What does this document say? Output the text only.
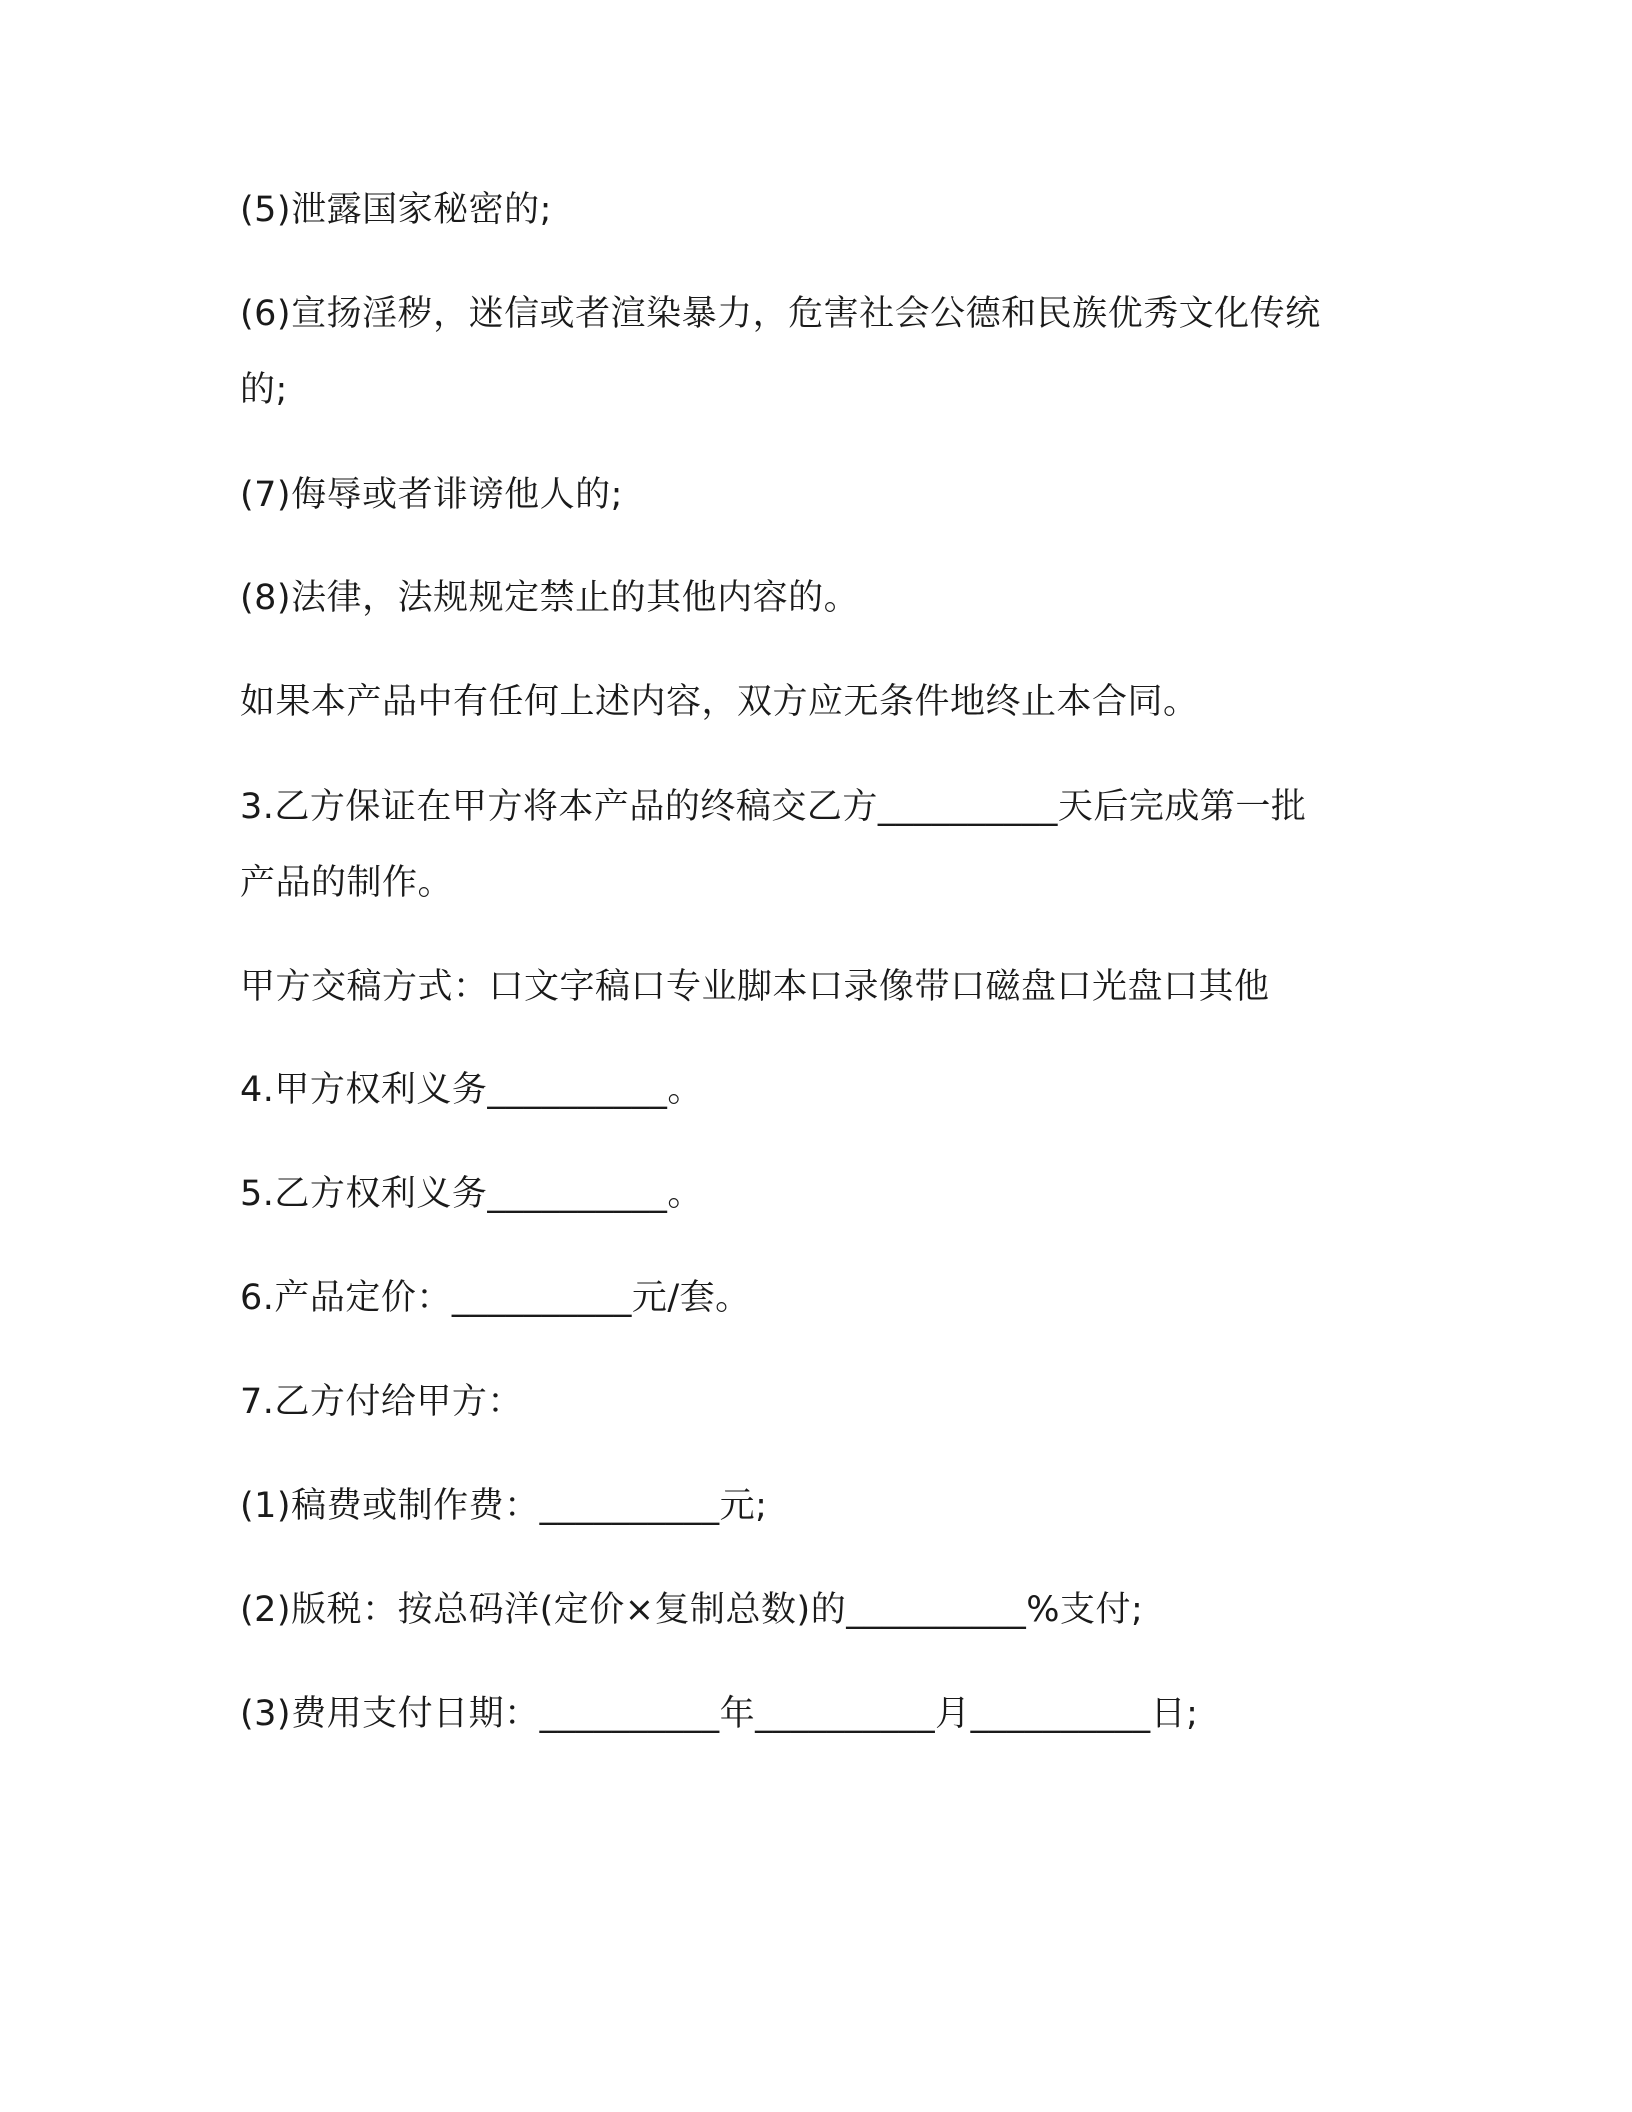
(5)泄露国家秘密的;
(6)宣扬淫秽，迷信或者渲染暴力，危害社会公德和民族优秀文化传统
的;
(7)侮辱或者诽谤他人的;
(8)法律，法规规定禁止的其他内容的。
如果本产品中有任何上述内容，双方应无条件地终止本合同。
3.乙方保证在甲方将本产品的终稿交乙方__________天后完成第一批
产品的制作。
甲方交稿方式：口文字稿口专业脚本口录像带口磁盘口光盘口其他
4.甲方权利义务__________。
5.乙方权利义务__________。
6.产品定价：__________元/套。
7.乙方付给甲方：
(1)稿费或制作费：__________元;
(2)版税：按总码洋(定价×复制总数)的__________%支付;
(3)费用支付日期：__________年__________月__________日;
